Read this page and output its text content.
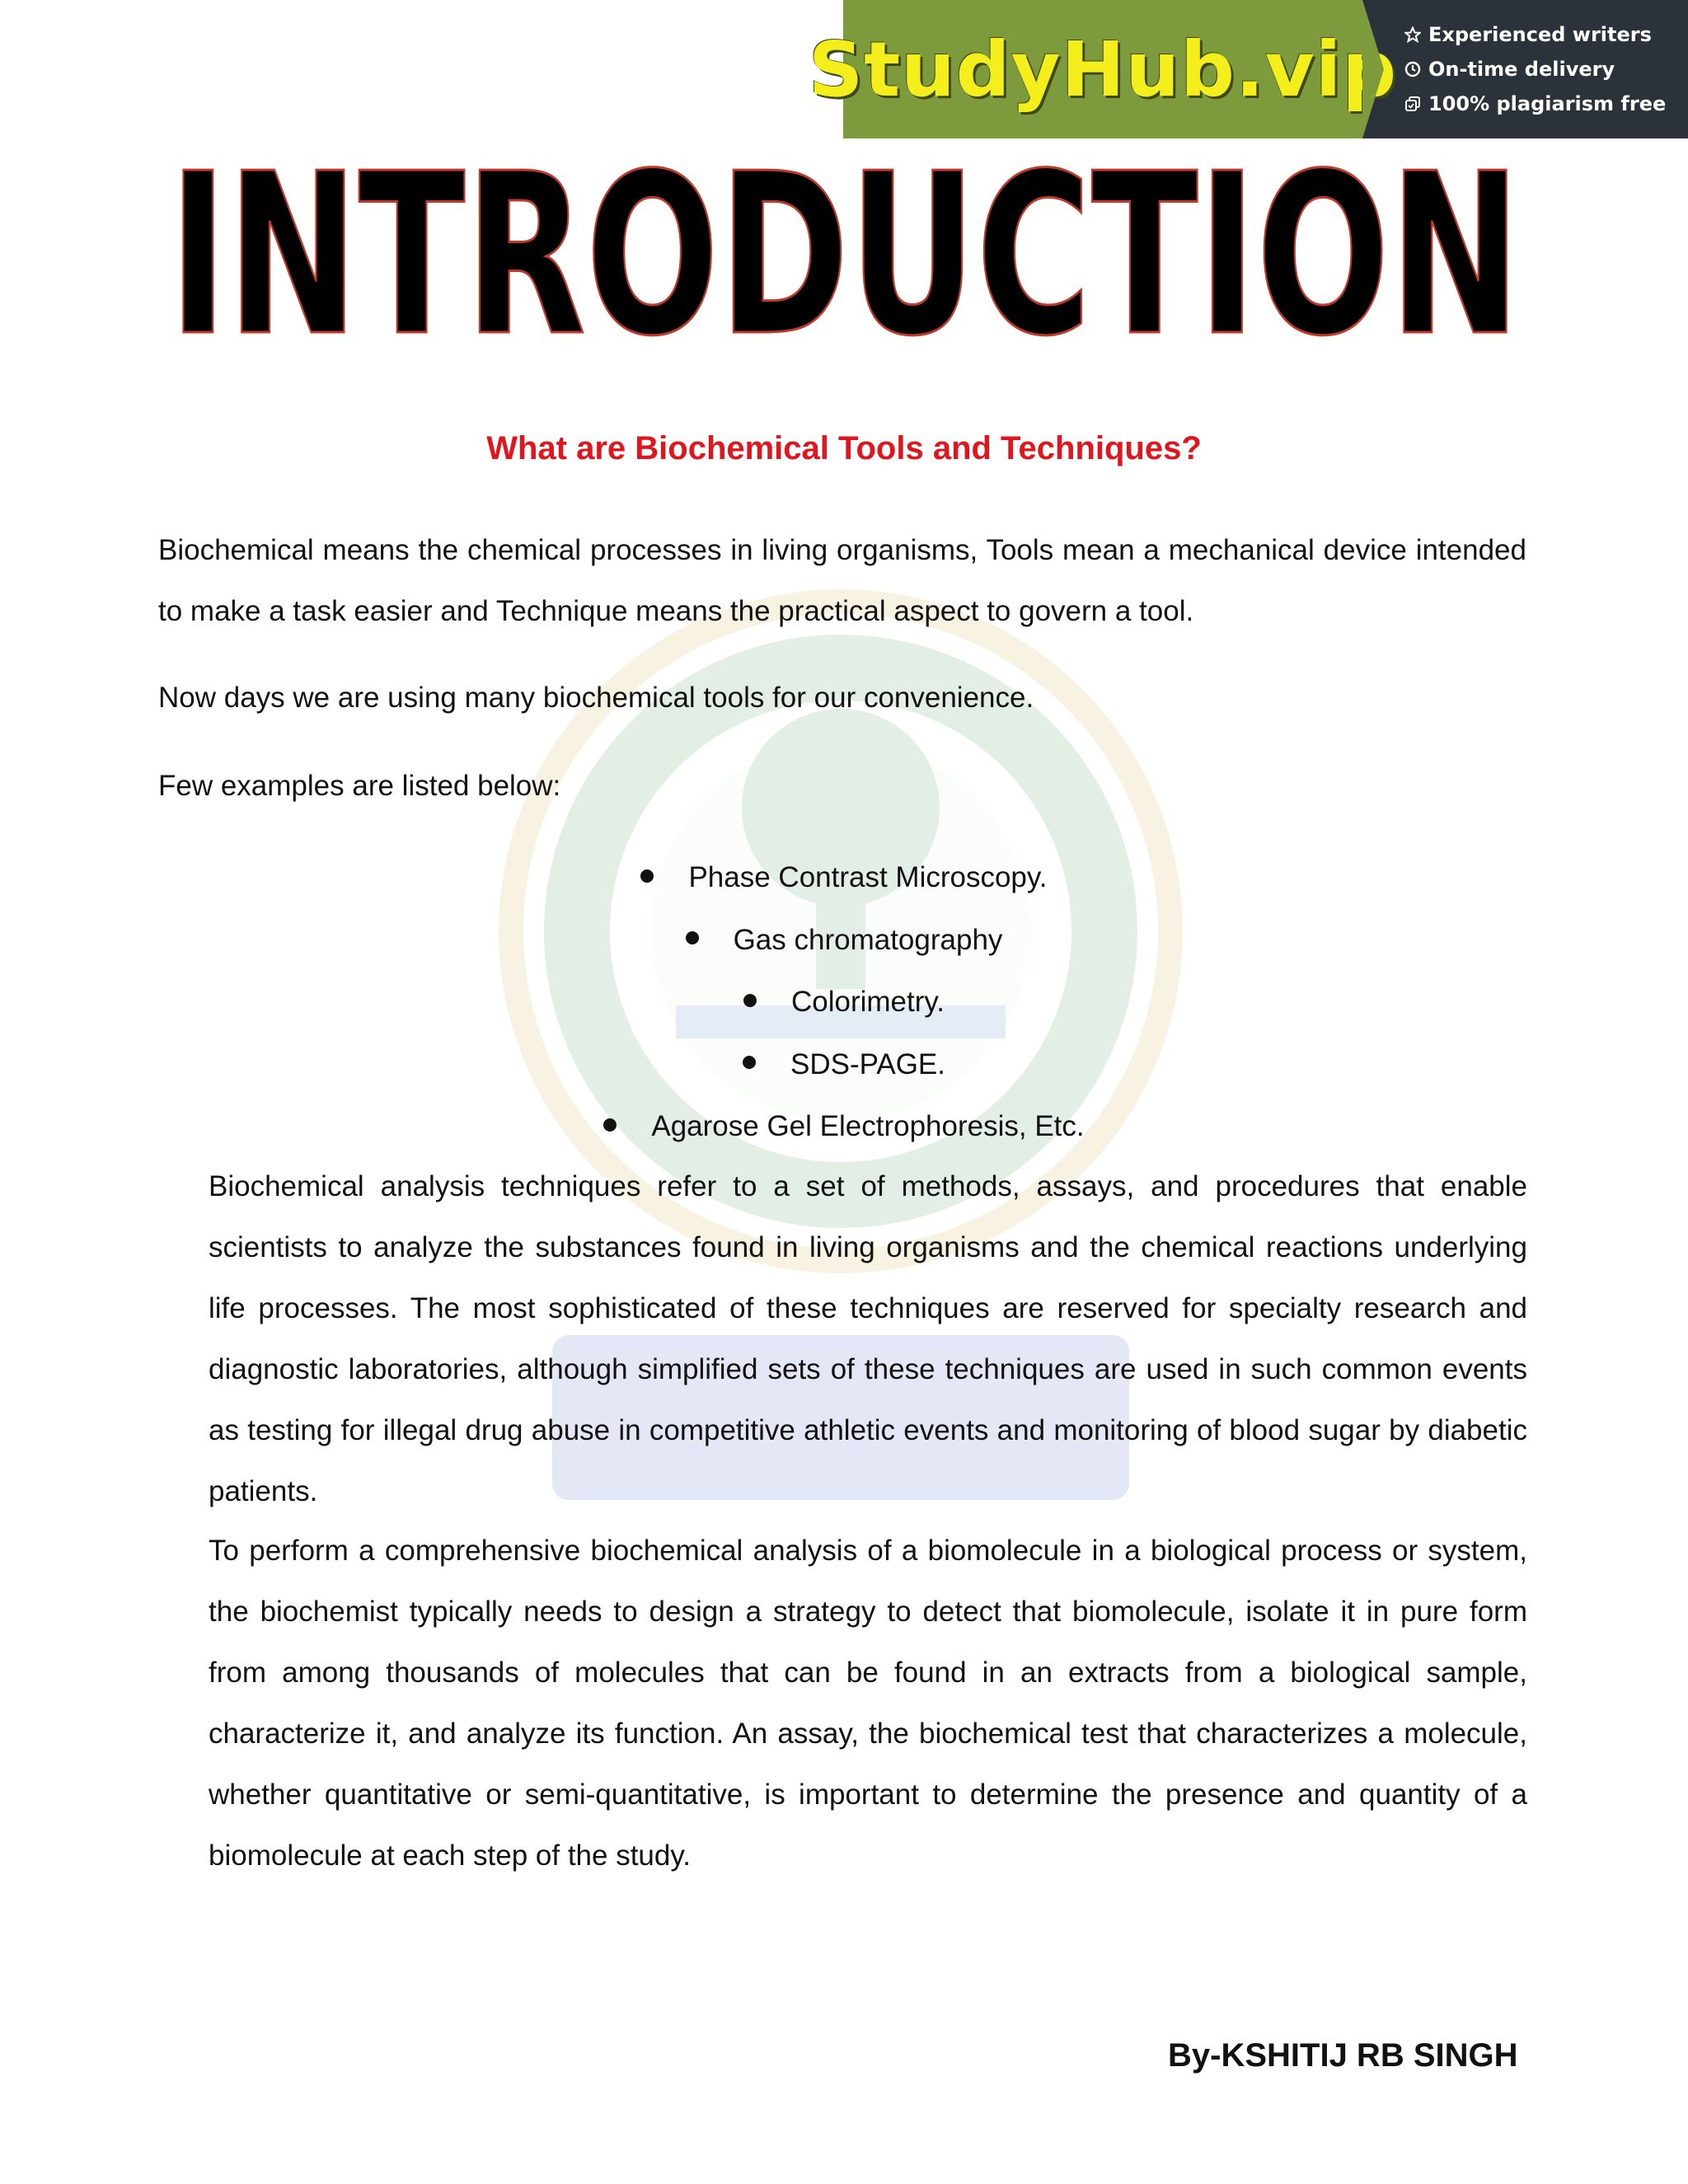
StudyHub.vip Experienced writers
On-time delivery
100% plagiarism free
INTRODUCTION
What are Biochemical Tools and Techniques?

Biochemical means the chemical processes in living organisms, Tools mean a mechanical device intended to make a task easier and Technique means the practical aspect to govern a tool.

Now days we are using many biochemical tools for our convenience.

Few examples are listed below:

Phase Contrast Microscopy.
Gas chromatography
Colorimetry.
SDS-PAGE.
Agarose Gel Electrophoresis, Etc.

Biochemical analysis techniques refer to a set of methods, assays, and procedures that enable scientists to analyze the substances found in living organisms and the chemical reactions underlying life processes. The most sophisticated of these techniques are reserved for specialty research and diagnostic laboratories, although simplified sets of these techniques are used in such common events as testing for illegal drug abuse in competitive athletic events and monitoring of blood sugar by diabetic patients.

To perform a comprehensive biochemical analysis of a biomolecule in a biological process or system, the biochemist typically needs to design a strategy to detect that biomolecule, isolate it in pure form from among thousands of molecules that can be found in an extracts from a biological sample, characterize it, and analyze its function. An assay, the biochemical test that characterizes a molecule, whether quantitative or semi-quantitative, is important to determine the presence and quantity of a biomolecule at each step of the study.

By-KSHITIJ RB SINGH
